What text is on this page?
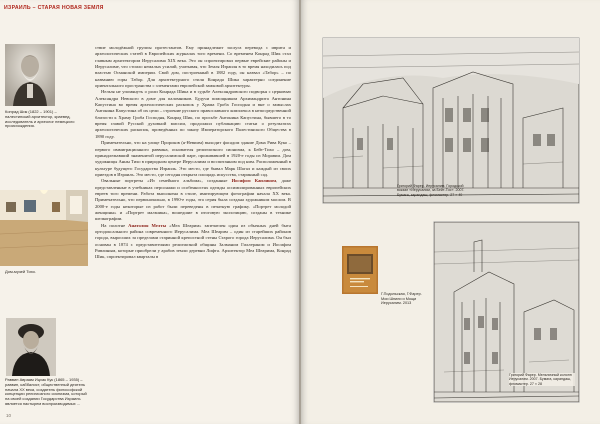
ИЗРАИЛЬ – СТАРАЯ НОВАЯ ЗЕМЛЯ
Конрад Шик (1822 – 1901) – палестинский архитектор, краевед, исследователь и археолог немецкого происхождения.
Дом-музей Тихо.
Раввин Авраам Ицхак Кук (1865 – 1935) – раввин, каббалист, общественный деятель начала XX века, создатель философской концепции религиозного сионизма, который на своей создании Государства Израиль является пастырем воспроизводимых ...

ствие молодёжной группы протестантов. Ему принадлежит заслуга перевода с иврита и археологических статей в Европейских журналах того времени. Со временем Конрад Шик стал главным архитектором Иерусалима XIX века. Это он спроектировал первые еврейские районы и Иерусалиме, что стоило немалых усилий, учитывая, что Земля Израиля в то время находилась под властью Османской империи. Свой дом, построенный в 1882 году, он назвал «Табор» – по названию горы Табор. Для архитектурного стиля Конрада Шика характерно соединение ориентального пространства с элементами европейской замковой архитектуры.

Нельзя не упомянуть о роли Конрада Шика и в судьбе Александровского подворья с церковью Александра Невского в доме для паломников. Будучи помощником Архимандрита Антонина Капустина во время археологических раскопок у Храма Гроба Господня и вне о замыслах Антонина Капустина об их цели – строение русского православного комплекса в непосредственной близости к Храму Гроба Господня, Конрад Шик, по просьбе Антонина Капустина, бывшего в то время главой Русской духовной миссии, продолжил публикацию статьи о результатах археологических раскопок, проведённых по заказу Императорского Палестинского Общества в 1890 году.

Примечательно, что на улице Пророков (я-Невиим) выходит фасадом здание Дома Рива Куко – первого иммиграционного раввина, основателя религиозного сионизма, к Бейт-Тихо – дом, принадлежавший знаменитой иерусалимской паре, проживавшей в 1920-е годы из Моравии. Дом художницы Анны Тихо в природном центре Иерусалима и воспитанном под ним. Расположенный в культуре будущего Государства Израиль. Это место, где бывал Марк Шагал и каждый из своих приездов в Израиль. Это место, где сегодня открыта площадь искусства, старинный сад.

Овальные портреты «Из семейного альбома», созданные Иосифом Каплином, даже представленные в учебниках персонажи и особенностях одежды ассимилированных европейских евреев того времени. Работа выполнена в стиле, имитирующем фотографии начала XX века. Примечательно, что первоначально, в 1990-е годы, эта серия была создана художником маслом. В 2000-е годы некоторые из работ были переведены в печатную графику. «Портрет молодой женщины» и «Портрет мальчика», вошедшие в итоговую экспозицию, созданы в технике шелкографии.

На полотне Анатолия Мелты «Меа Шеарим» запечатлен один из обычных дней быта ортодоксального района современного Иерусалима. Меа Шеарим – один из старейших районов города, выросших за пределами старинной крепостной стены Старого города Иерусалима. Он был основан в 1874 г. представителями религиозной общины Залманом Гиллераном и Иосифом Ривлиным, которые приобрели у арабов земли деревни Лифта. Архитектор Меа Шеарима, Конрад Шик, спроектировал кварталы в

10
Григорий Фарер. Иерусалим. Городской вокзал «Иерусалим, за Бейт-Тос». 2007. Бумага, карандаш, фломастер. 27 × 40
Г.Подольская, Г.Фарер. Мои Шпили и Мощи Иерусалим. 2013
Григорий Фарер. Мельничный колонн Иерусалим. 2007. Бумага, карандаш, фломастер. 27 × 28
